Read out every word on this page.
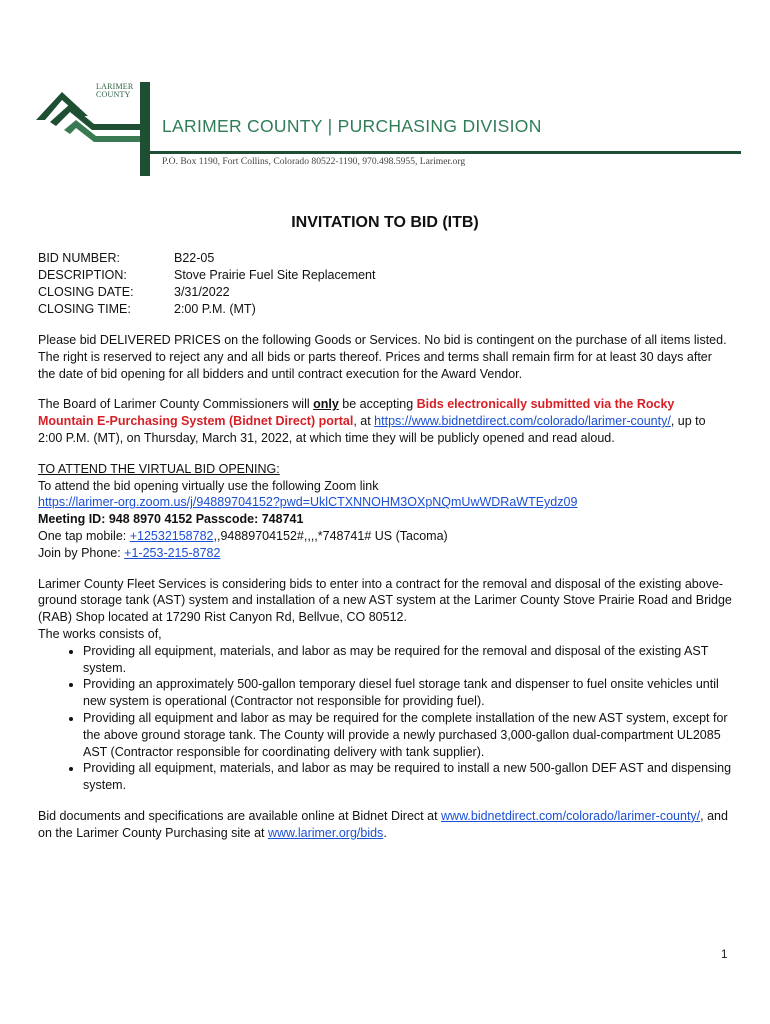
LARIMER
COUNTY
LARIMER COUNTY | PURCHASING DIVISION
P.O. Box 1190, Fort Collins, Colorado 80522-1190, 970.498.5955, Larimer.org
INVITATION TO BID (ITB)
BID NUMBER:	B22-05
DESCRIPTION:	Stove Prairie Fuel Site Replacement
CLOSING DATE:	3/31/2022
CLOSING TIME:	2:00 P.M. (MT)

Please bid DELIVERED PRICES on the following Goods or Services. No bid is contingent on the purchase of all items listed. The right is reserved to reject any and all bids or parts thereof. Prices and terms shall remain firm for at least 30 days after the date of bid opening for all bidders and until contract execution for the Award Vendor.

The Board of Larimer County Commissioners will only be accepting Bids electronically submitted via the Rocky Mountain E-Purchasing System (Bidnet Direct) portal, at https://www.bidnetdirect.com/colorado/larimer-county/, up to 2:00 P.M. (MT), on Thursday, March 31, 2022, at which time they will be publicly opened and read aloud.

TO ATTEND THE VIRTUAL BID OPENING:
To attend the bid opening virtually use the following Zoom link
https://larimer-org.zoom.us/j/94889704152?pwd=UklCTXNNOHM3OXpNQmUwWDRaWTEydz09
Meeting ID: 948 8970 4152 Passcode: 748741
One tap mobile: +12532158782,,94889704152#,,,,*748741# US (Tacoma)
Join by Phone: +1-253-215-8782

Larimer County Fleet Services is considering bids to enter into a contract for the removal and disposal of the existing above-ground storage tank (AST) system and installation of a new AST system at the Larimer County Stove Prairie Road and Bridge (RAB) Shop located at 17290 Rist Canyon Rd, Bellvue, CO 80512.
The works consists of,
• Providing all equipment, materials, and labor as may be required for the removal and disposal of the existing AST system.
• Providing an approximately 500-gallon temporary diesel fuel storage tank and dispenser to fuel onsite vehicles until new system is operational (Contractor not responsible for providing fuel).
• Providing all equipment and labor as may be required for the complete installation of the new AST system, except for the above ground storage tank. The County will provide a newly purchased 3,000-gallon dual-compartment UL2085 AST (Contractor responsible for coordinating delivery with tank supplier).
• Providing all equipment, materials, and labor as may be required to install a new 500-gallon DEF AST and dispensing system.

Bid documents and specifications are available online at Bidnet Direct at www.bidnetdirect.com/colorado/larimer-county/, and on the Larimer County Purchasing site at www.larimer.org/bids.

1
